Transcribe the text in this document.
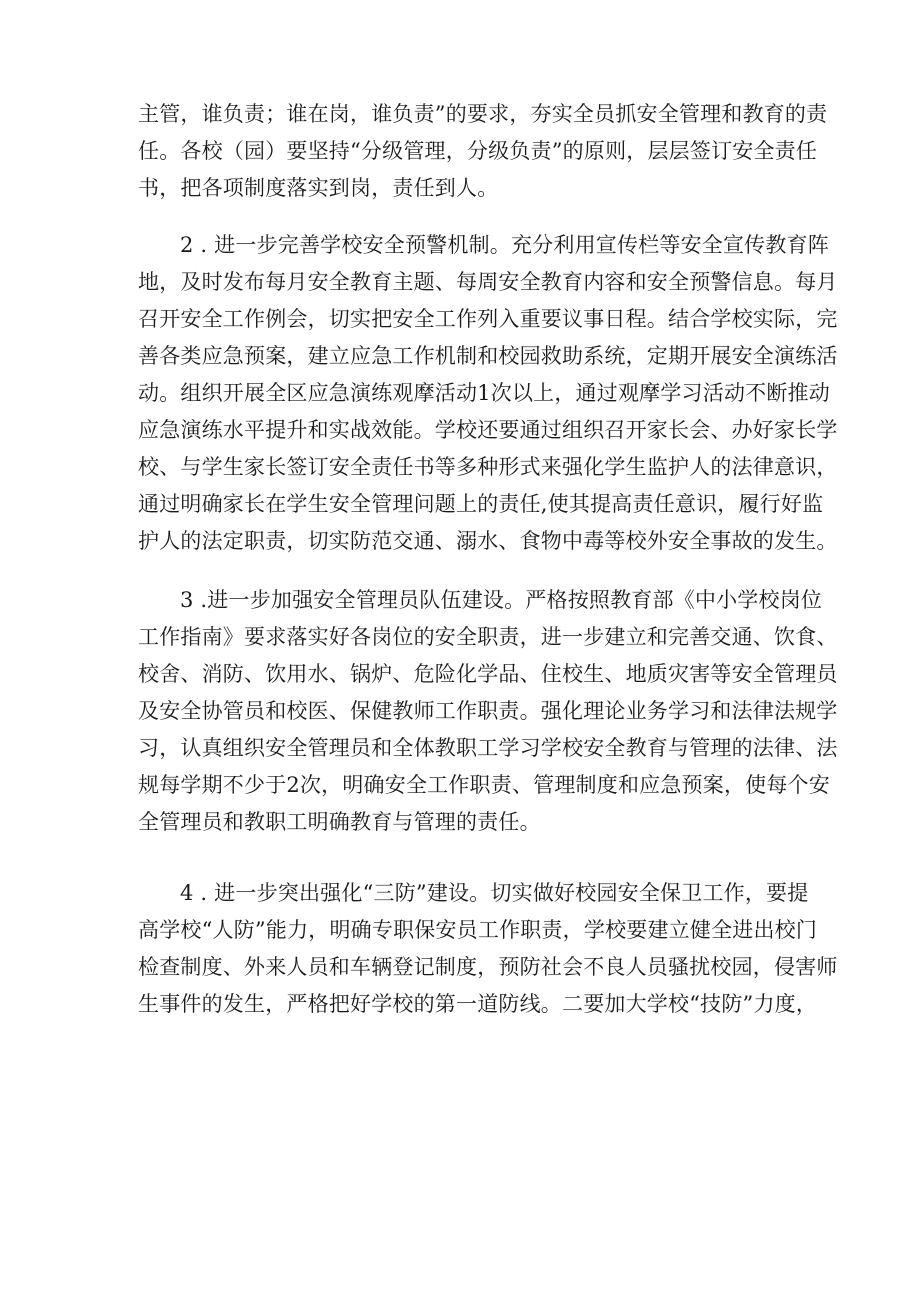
主管，谁负责；谁在岗，谁负责”的要求，夯实全员抓安全管理和教育的责
任。各校（园）要坚持“分级管理，分级负责”的原则，层层签订安全责任
书，把各项制度落实到岗，责任到人。

2 . 进一步完善学校安全预警机制。充分利用宣传栏等安全宣传教育阵
地，及时发布每月安全教育主题、每周安全教育内容和安全预警信息。每月
召开安全工作例会，切实把安全工作列入重要议事日程。结合学校实际，完
善各类应急预案，建立应急工作机制和校园救助系统，定期开展安全演练活
动。组织开展全区应急演练观摩活动1次以上，通过观摩学习活动不断推动
应急演练水平提升和实战效能。学校还要通过组织召开家长会、办好家长学
校、与学生家长签订安全责任书等多种形式来强化学生监护人的法律意识，
通过明确家长在学生安全管理问题上的责任,使其提高责任意识，履行好监
护人的法定职责，切实防范交通、溺水、食物中毒等校外安全事故的发生。

3 .进一步加强安全管理员队伍建设。严格按照教育部《中小学校岗位
工作指南》要求落实好各岗位的安全职责，进一步建立和完善交通、饮食、
校舍、消防、饮用水、锅炉、危险化学品、住校生、地质灾害等安全管理员
及安全协管员和校医、保健教师工作职责。强化理论业务学习和法律法规学
习，认真组织安全管理员和全体教职工学习学校安全教育与管理的法律、法
规每学期不少于2次，明确安全工作职责、管理制度和应急预案，使每个安
全管理员和教职工明确教育与管理的责任。

4 . 进一步突出强化“三防”建设。切实做好校园安全保卫工作，要提
高学校“人防”能力，明确专职保安员工作职责，学校要建立健全进出校门
检查制度、外来人员和车辆登记制度，预防社会不良人员骚扰校园，侵害师
生事件的发生，严格把好学校的第一道防线。二要加大学校“技防”力度，
